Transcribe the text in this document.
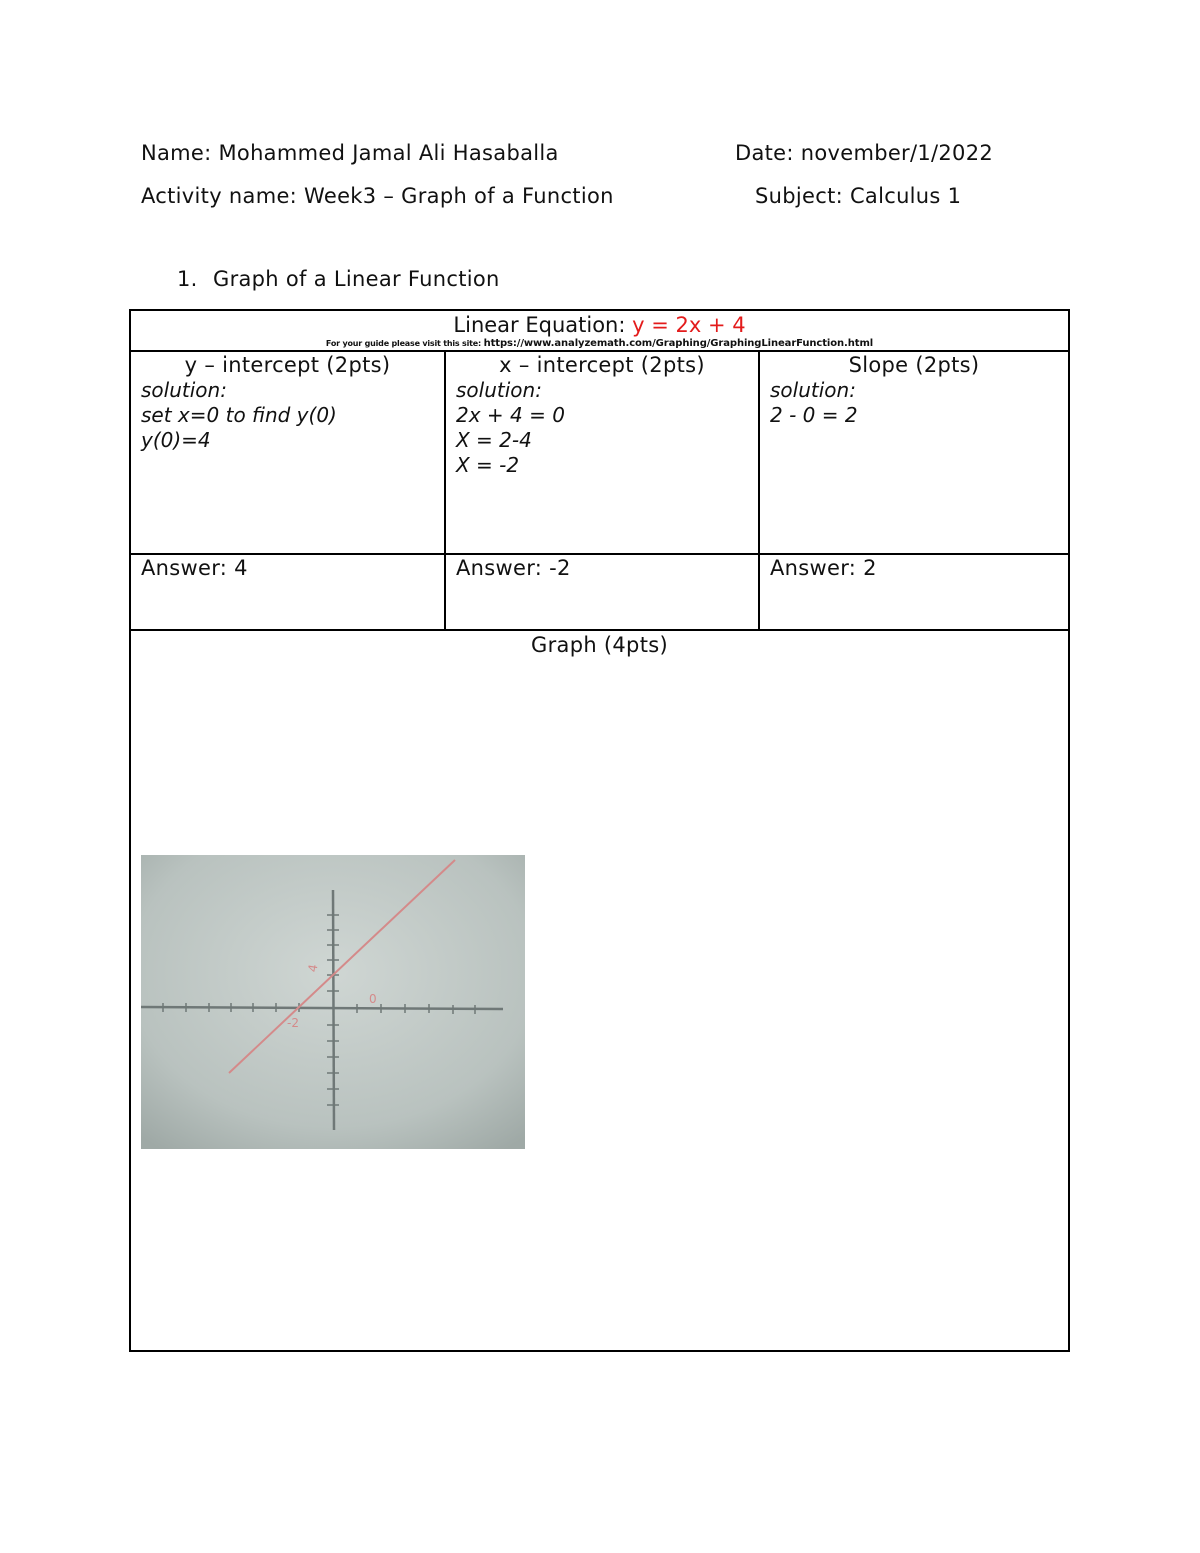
Name: Mohammed Jamal Ali Hasaballa	Date: november/1/2022
Activity name: Week3 – Graph of a Function	Subject: Calculus 1
1. Graph of a Linear Function
Linear Equation: y = 2x + 4
For your guide please visit this site: https://www.analyzemath.com/Graphing/GraphingLinearFunction.html
y – intercept (2pts)
solution:
set x=0 to find y(0)
y(0)=4
Answer: 4
x – intercept (2pts)
solution:
2x + 4 = 0
X = 2-4
X = -2
Answer: -2
Slope (2pts)
solution:
2 - 0 = 2
Answer: 2
Graph (4pts)
4
-2
0
